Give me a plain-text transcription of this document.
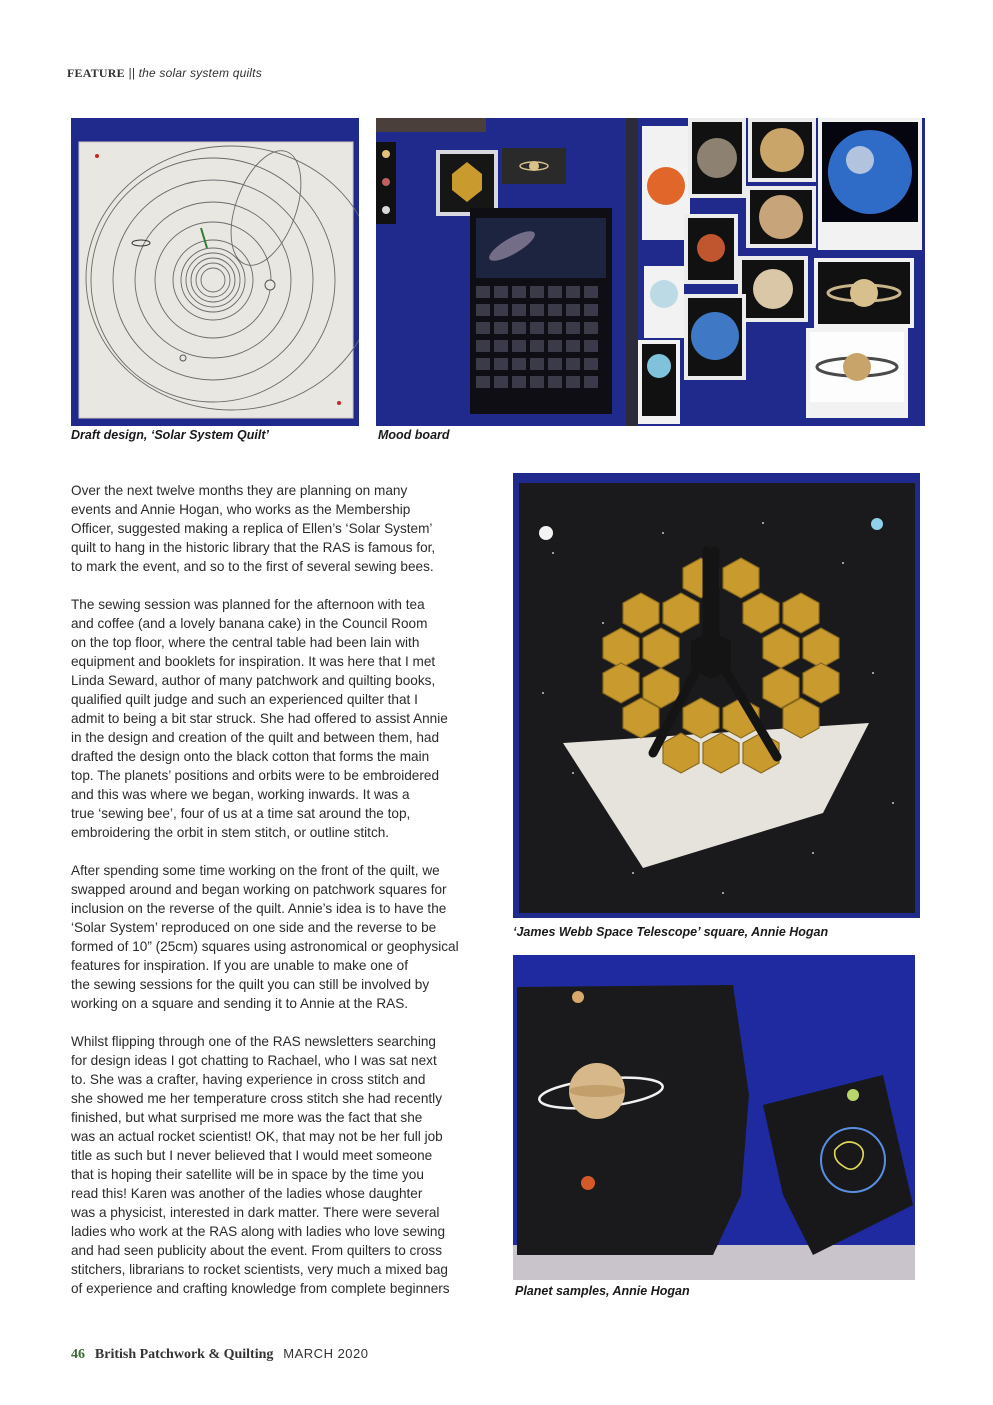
FEATURE || the solar system quilts
Draft design, ‘Solar System Quilt’	Mood board
Over the next twelve months they are planning on many
events and Annie Hogan, who works as the Membership
Officer, suggested making a replica of Ellen’s ‘Solar System’
quilt to hang in the historic library that the RAS is famous for,
to mark the event, and so to the first of several sewing bees.
The sewing session was planned for the afternoon with tea
and coffee (and a lovely banana cake) in the Council Room
on the top floor, where the central table had been lain with
equipment and booklets for inspiration. It was here that I met
Linda Seward, author of many patchwork and quilting books,
qualified quilt judge and such an experienced quilter that I
admit to being a bit star struck. She had offered to assist Annie
in the design and creation of the quilt and between them, had
drafted the design onto the black cotton that forms the main
top. The planets’ positions and orbits were to be embroidered
and this was where we began, working inwards. It was a
true ‘sewing bee’, four of us at a time sat around the top,
embroidering the orbit in stem stitch, or outline stitch.
After spending some time working on the front of the quilt, we
swapped around and began working on patchwork squares for
inclusion on the reverse of the quilt. Annie’s idea is to have the
‘Solar System’ reproduced on one side and the reverse to be
formed of 10” (25cm) squares using astronomical or geophysical
features for inspiration. If you are unable to make one of
the sewing sessions for the quilt you can still be involved by
working on a square and sending it to Annie at the RAS.
Whilst flipping through one of the RAS newsletters searching
for design ideas I got chatting to Rachael, who I was sat next
to. She was a crafter, having experience in cross stitch and
she showed me her temperature cross stitch she had recently
finished, but what surprised me more was the fact that she
was an actual rocket scientist! OK, that may not be her full job
title as such but I never believed that I would meet someone
that is hoping their satellite will be in space by the time you
read this! Karen was another of the ladies whose daughter
was a physicist, interested in dark matter. There were several
ladies who work at the RAS along with ladies who love sewing
and had seen publicity about the event. From quilters to cross
stitchers, librarians to rocket scientists, very much a mixed bag
of experience and crafting knowledge from complete beginners
‘James Webb Space Telescope’ square, Annie Hogan
Planet samples, Annie Hogan
46 British Patchwork & Quilting MARCH 2020
